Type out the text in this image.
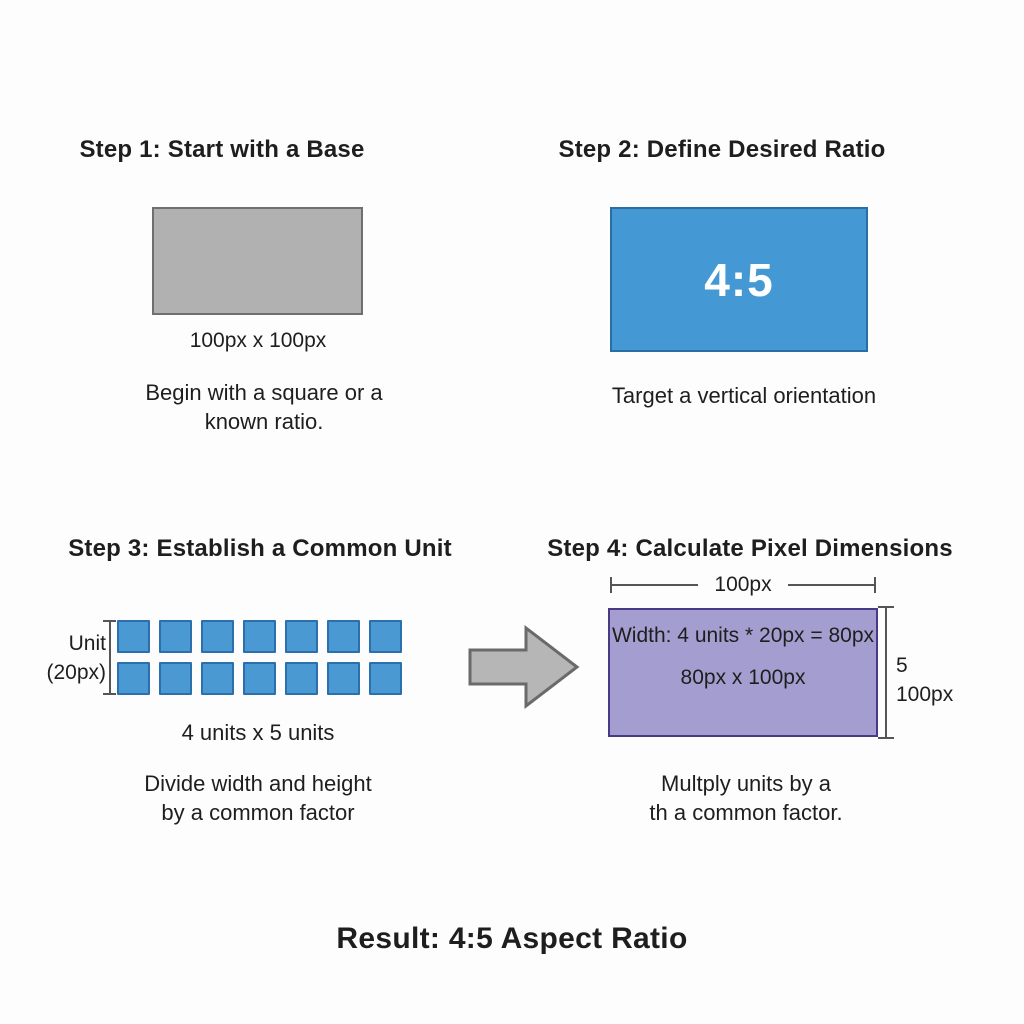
Step 1: Start with a Base
100px x 100px
Begin with a square or a
known ratio.
Step 2: Define Desired Ratio
4:5
Target a vertical orientation
Step 3: Establish a Common Unit
Unit
(20px)
4 units x 5 units
Divide width and height
by a common factor
Step 4: Calculate Pixel Dimensions
100px
Width: 4 units * 20px = 80px
80px x 100px
5
100px
Multply units by a
th a common factor.
Result: 4:5 Aspect Ratio
